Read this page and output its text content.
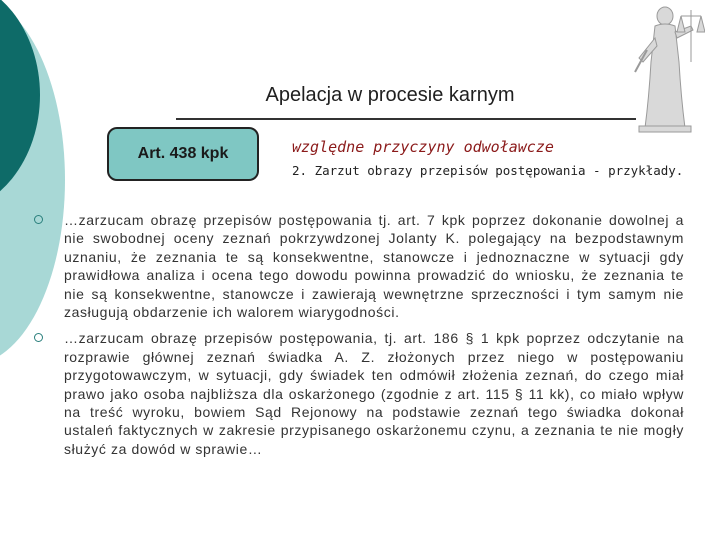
Apelacja w procesie karnym
Art. 438 kpk	względne przyczyny odwoławcze
2. Zarzut obrazy przepisów postępowania - przykłady.
…zarzucam obrazę przepisów postępowania tj. art. 7 kpk poprzez dokonanie dowolnej a nie swobodnej oceny zeznań pokrzywdzonej Jolanty K. polegający na bezpodstawnym uznaniu, że zeznania te są konsekwentne, stanowcze i jednoznaczne w sytuacji gdy prawidłowa analiza i ocena tego dowodu powinna prowadzić do wniosku, że zeznania te nie są konsekwentne, stanowcze i zawierają wewnętrzne sprzeczności i tym samym nie zasługują obdarzenie ich walorem wiarygodności.
…zarzucam obrazę przepisów postępowania, tj. art. 186 § 1 kpk poprzez odczytanie na rozprawie głównej zeznań świadka A. Z. złożonych przez niego w postępowaniu przygotowawczym, w sytuacji, gdy świadek ten odmówił złożenia zeznań, do czego miał prawo jako osoba najbliższa dla oskarżonego (zgodnie z art. 115 § 11 kk), co miało wpływ na treść wyroku, bowiem Sąd Rejonowy na podstawie zeznań tego świadka dokonał ustaleń faktycznych w zakresie przypisanego oskarżonemu czynu, a zeznania te nie mogły służyć za dowód w sprawie…
